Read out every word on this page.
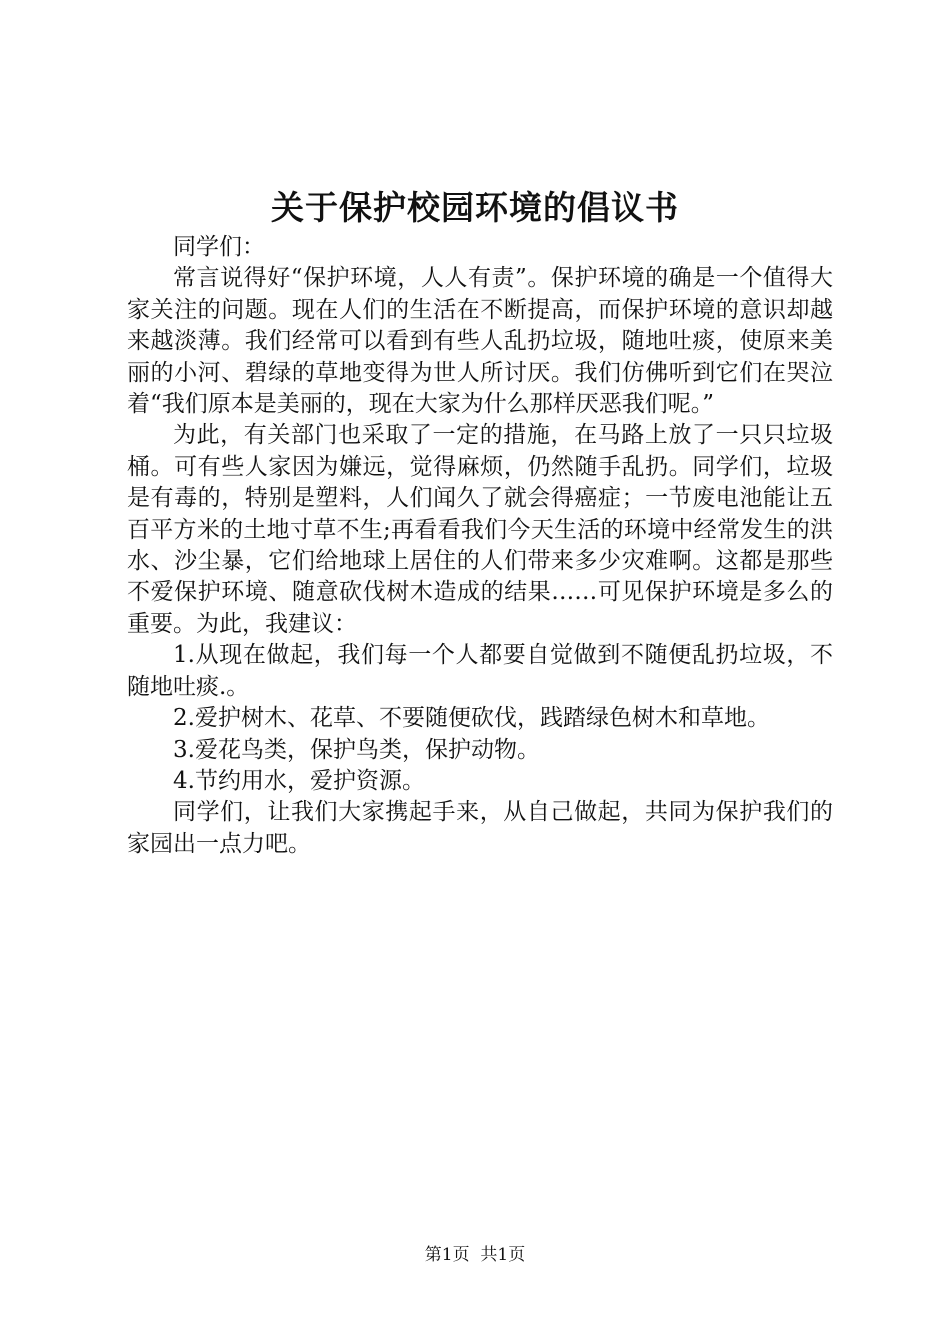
关于保护校园环境的倡议书

同学们：

常言说得好“保护环境，人人有责”。保护环境的确是一个值得大家关注的问题。现在人们的生活在不断提高，而保护环境的意识却越来越淡薄。我们经常可以看到有些人乱扔垃圾，随地吐痰，使原来美丽的小河、碧绿的草地变得为世人所讨厌。我们仿佛听到它们在哭泣着“我们原本是美丽的，现在大家为什么那样厌恶我们呢。”

为此，有关部门也采取了一定的措施，在马路上放了一只只垃圾桶。可有些人家因为嫌远，觉得麻烦，仍然随手乱扔。同学们，垃圾是有毒的，特别是塑料，人们闻久了就会得癌症；一节废电池能让五百平方米的土地寸草不生;再看看我们今天生活的环境中经常发生的洪水、沙尘暴，它们给地球上居住的人们带来多少灾难啊。这都是那些不爱保护环境、随意砍伐树木造成的结果……可见保护环境是多么的重要。为此，我建议：

1.从现在做起，我们每一个人都要自觉做到不随便乱扔垃圾，不随地吐痰.。

2.爱护树木、花草、不要随便砍伐，践踏绿色树木和草地。

3.爱花鸟类，保护鸟类，保护动物。

4.节约用水，爱护资源。

同学们，让我们大家携起手来，从自己做起，共同为保护我们的家园出一点力吧。

第1页  共1页
